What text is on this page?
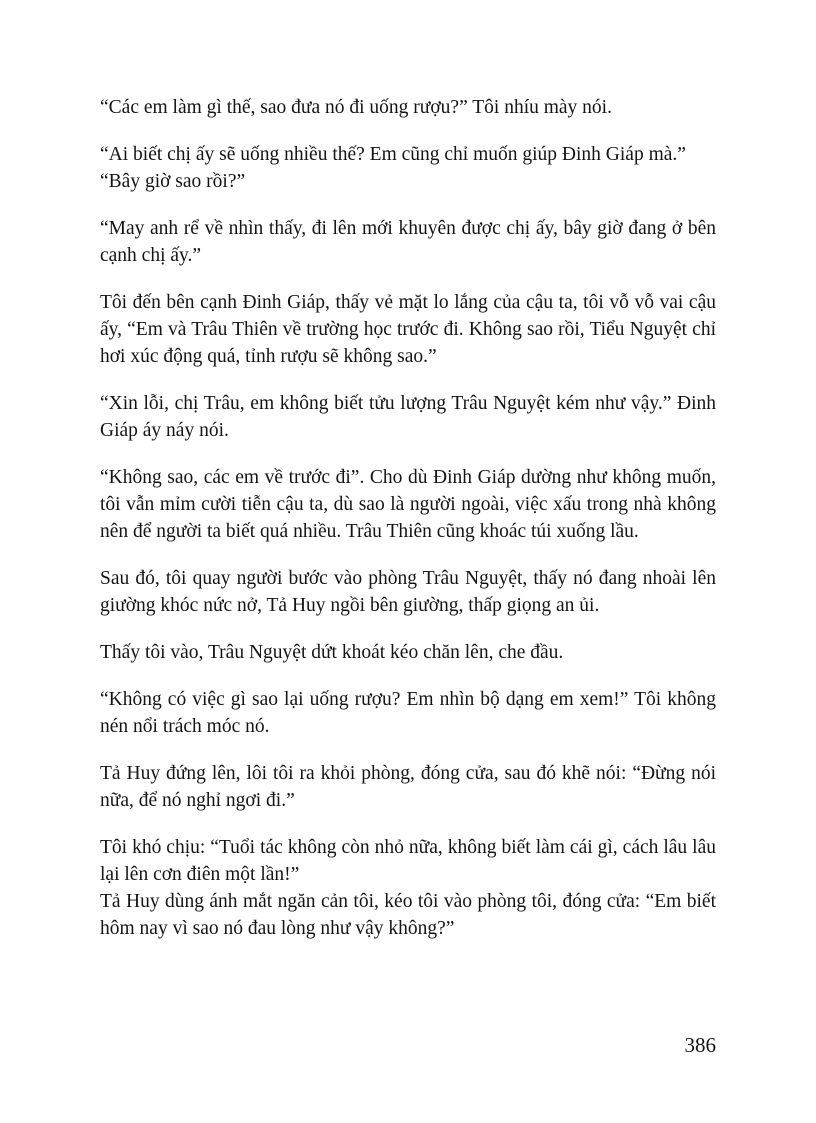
“Các em làm gì thế, sao đưa nó đi uống rượu?” Tôi nhíu mày nói.

“Ai biết chị ấy sẽ uống nhiều thế? Em cũng chỉ muốn giúp Đinh Giáp mà.”

“Bây giờ sao rồi?”

“May anh rể về nhìn thấy, đi lên mới khuyên được chị ấy, bây giờ đang ở bên cạnh chị ấy.”

Tôi đến bên cạnh Đinh Giáp, thấy vẻ mặt lo lắng của cậu ta, tôi vỗ vỗ vai cậu ấy, “Em và Trâu Thiên về trường học trước đi. Không sao rồi, Tiểu Nguyệt chỉ hơi xúc động quá, tỉnh rượu sẽ không sao.”

“Xin lỗi, chị Trâu, em không biết tửu lượng Trâu Nguyệt kém như vậy.” Đinh Giáp áy náy nói.

“Không sao, các em về trước đi”. Cho dù Đinh Giáp dường như không muốn, tôi vẫn mỉm cười tiễn cậu ta, dù sao là người ngoài, việc xấu trong nhà không nên để người ta biết quá nhiều. Trâu Thiên cũng khoác túi xuống lầu.

Sau đó, tôi quay người bước vào phòng Trâu Nguyệt, thấy nó đang nhoài lên giường khóc nức nở, Tả Huy ngồi bên giường, thấp giọng an ủi.

Thấy tôi vào, Trâu Nguyệt dứt khoát kéo chăn lên, che đầu.

“Không có việc gì sao lại uống rượu? Em nhìn bộ dạng em xem!” Tôi không nén nổi trách móc nó.

Tả Huy đứng lên, lôi tôi ra khỏi phòng, đóng cửa, sau đó khẽ nói: “Đừng nói nữa, để nó nghỉ ngơi đi.”

Tôi khó chịu: “Tuổi tác không còn nhỏ nữa, không biết làm cái gì, cách lâu lâu lại lên cơn điên một lần!”

Tả Huy dùng ánh mắt ngăn cản tôi, kéo tôi vào phòng tôi, đóng cửa: “Em biết hôm nay vì sao nó đau lòng như vậy không?”

386
